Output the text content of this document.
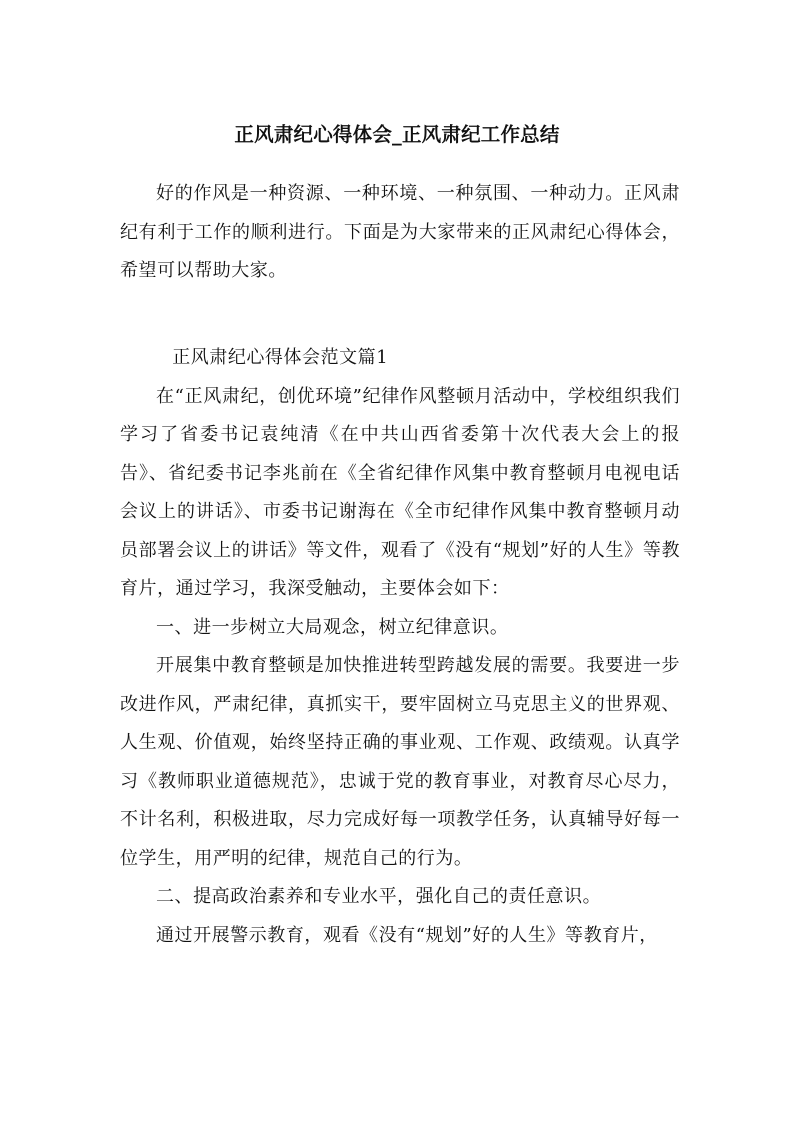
正风肃纪心得体会_正风肃纪工作总结

好的作风是一种资源、一种环境、一种氛围、一种动力。正风肃纪有利于工作的顺利进行。下面是为大家带来的正风肃纪心得体会，希望可以帮助大家。

正风肃纪心得体会范文篇1

在“正风肃纪，创优环境”纪律作风整顿月活动中，学校组织我们学习了省委书记袁纯清《在中共山西省委第十次代表大会上的报告》、省纪委书记李兆前在《全省纪律作风集中教育整顿月电视电话会议上的讲话》、市委书记谢海在《全市纪律作风集中教育整顿月动员部署会议上的讲话》等文件，观看了《没有“规划”好的人生》等教育片，通过学习，我深受触动，主要体会如下：

一、进一步树立大局观念，树立纪律意识。

开展集中教育整顿是加快推进转型跨越发展的需要。我要进一步改进作风，严肃纪律，真抓实干，要牢固树立马克思主义的世界观、人生观、价值观，始终坚持正确的事业观、工作观、政绩观。认真学习《教师职业道德规范》，忠诚于党的教育事业，对教育尽心尽力，不计名利，积极进取，尽力完成好每一项教学任务，认真辅导好每一位学生，用严明的纪律，规范自己的行为。

二、提高政治素养和专业水平，强化自己的责任意识。

通过开展警示教育，观看《没有“规划”好的人生》等教育片，
